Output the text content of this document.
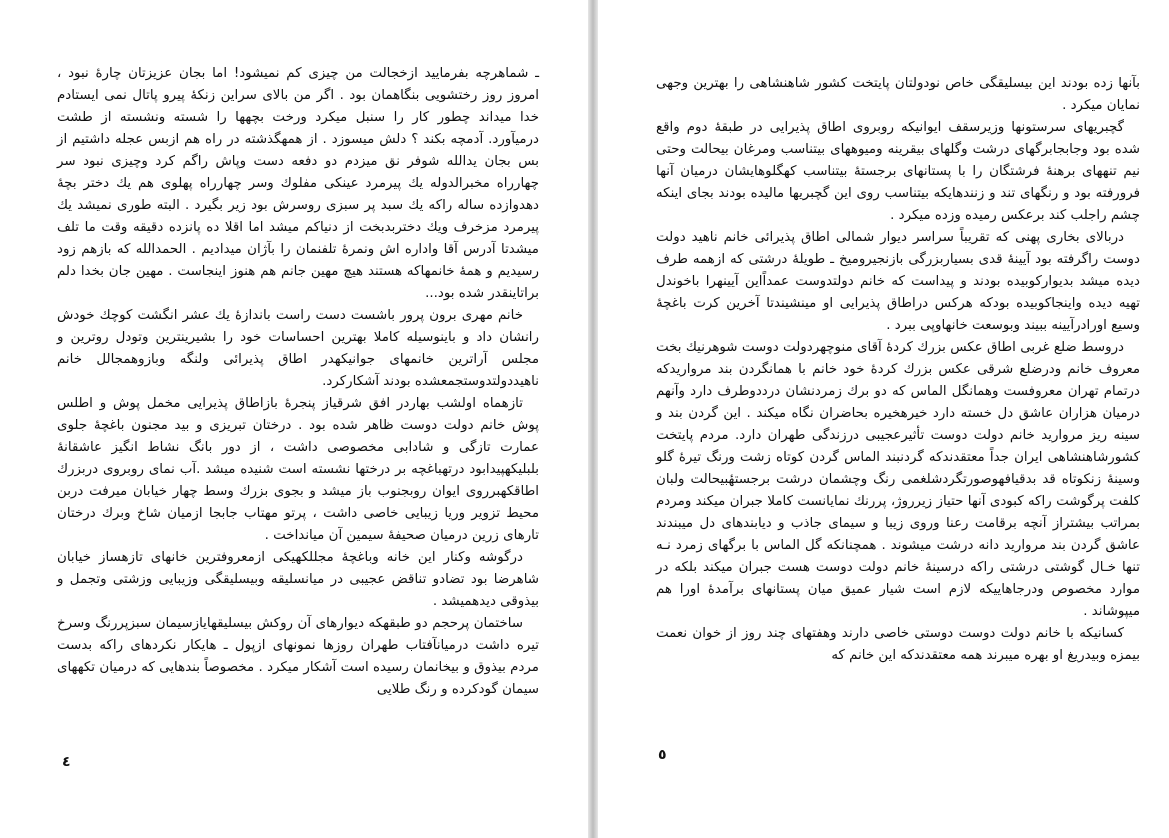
ـ شماهرچه بفرمایید ازخجالت من چیزی کم نمیشود! اما بجان عزیزتان چارهٔ نبود ، امروز روز رختشویی بنگاهمان بود . اگر من بالای سراین زنکهٔ پیرو پاتال نمی ایستادم خدا میداند چطور کار را سنبل میکرد ورخت بچهها را شسته ونشسته از طشت درمیآورد. آدمچه بکند ؟ دلش میسوزد . از همهگذشته در راه هم ازبس عجله داشتیم از بس بجان یدالله شوفر نق میزدم دو دفعه دست وپاش راگم کرد وچیزی نبود سر چهارراه مخبرالدوله یك پیرمرد عینکی مفلوك وسر چهارراه پهلوی هم یك دختر بچهٔ دهدوازده ساله راکه یك سبد پر سبزی روسرش بود زیر بگیرد . البته طوری نمیشد یك پیرمرد مزخرف ویك دختربدبخت از دنیاکم میشد اما اقلا ده پانزده دقیقه وقت ما تلف میشدتا آدرس آقا واداره اش ونمرهٔ تلفنمان را بآژان میدادیم . الحمدالله که بازهم زود رسیدیم و همهٔ خانمهاکه هستند هیچ مهین جانم هم هنوز اینجاست . مهین جان بخدا دلم براتاینقدر شده بود...

خانم مهری برون پرور باشست دست راست باندازهٔ یك عشر انگشت كوچك خودش رانشان داد و باینوسیله کاملا بهترین احساسات خود را بشیرینترین وتودل روترین و مجلس آراترین خانمهای جوانیکهدر اطاق پذیرائی ولنگه وبازوهمجالل خانم ناهیددولتدوستجمعشده بودند آشکارکرد.

تازهماه اولشب بهاردر افق شرقیاز پنجرهٔ بازاطاق پذیرایی مخمل پوش و اطلس پوش خانم دولت دوست ظاهر شده بود . درختان تبریزی و بید مجنون باغچهٔ جلوی عمارت تازگی و شادابی مخصوصی داشت ، از دور بانگ نشاط انگیز عاشقانهٔ بلبلیکهپیدابود درتهباغچه بر درختها نشسته است شنیده میشد .آب نمای روبروی دربزرك اطاقكهبرروی ایوان روبجنوب باز میشد و بجوی بزرك وسط چهار خیابان میرفت دربن محیط تزویر وریا زیبایی خاصی داشت ، پرتو مهتاب جابجا ازمیان شاخ وبرك درختان تارهای زرین درمیان صحیفهٔ سیمین آن میانداخت .

درگوشه وکنار این خانه وباغچهٔ مجللکهیکی ازمعروفترین خانهای تازهساز خیابان شاهرضا بود تضادو تناقض عجیبی در میانسلیقه وبیسلیقگی وزیبایی وزشتی وتجمل و بیذوقی دیدهمیشد .

ساختمان پرحجم دو طبقهکه دیوارهای آن روکش بیسلیقهایازسیمان سبزپررنگ وسرخ تیره داشت درمیانآفتاب طهران روزها نمونهای ازپول ـ هایکار نکردهای راکه بدست مردم بیذوق و بیخانمان رسیده است آشکار میکرد . مخصوصاً بندهایی که درمیان تکههای سیمان گودکرده و رنگ طلایی

٤

بآنها زده بودند این بیسلیقگی خاص نودولتان پایتخت کشور شاهنشاهی را بهترین وجهی نمایان میکرد .

گچبریهای سرستونها وزیرسقف ایوانیکه روبروی اطاق پذیرایی در طبقهٔ دوم واقع شده بود وجابجابرگهای درشت وگلهای بیقرینه ومیوههای بیتناسب ومرغان بیحالت وحتی نیم تنههای برهنهٔ فرشتگان را با پستانهای برجستهٔ بیتناسب کهگلوهایشان درمیان آنها فرورفته بود و رنگهای تند و زنندهایکه بیتناسب روی این گچبریها مالیده بودند بجای اینکه چشم راجلب کند برعکس رمیده وزده میکرد .

دربالای بخاری پهنی که تقریباً سراسر دیوار شمالی اطاق پذیرائی خانم ناهید دولت دوست راگرفته بود آیینهٔ قدی بسیاربزرگی بازنجیرومیخ ـ طویلهٔ درشتی که ازهمه طرف دیده میشد بدیوارکوبیده بودند و پیداست که خانم دولتدوست عمداًاین آیینهرا باخوندل تهیه دیده واینجاکوبیده بودکه هرکس دراطاق پذیرایی او مینشیندتا آخرین کرت باغچهٔ وسیع اورادرآیینه ببیند وبوسعت خانهاوپی ببرد .

دروسط ضلع غربی اطاق عکس بزرك کردهٔ آقای منوچهردولت دوست شوهرنیك بخت معروف خانم ودرضلع شرقی عکس بزرك کردهٔ خود خانم با همانگردن بند مرواریدکه درتمام تهران معروفست وهمانگل الماس که دو برك زمردنشان درددوطرف دارد وآنهم درمیان هزاران عاشق دل خسته دارد خیرهخیره بحاضران نگاه میکند . این گردن بند و سینه ریز مروارید خانم دولت دوست تأثیرعجیبی درزندگی طهران دارد. مردم پایتخت کشورشاهنشاهی ایران جداً معتقدندکه گردنبند الماس گردن کوتاه زشت ورنگ تیرهٔ گلو وسینهٔ زنکوتاه قد بدقیافهوصورتگردشلغمی رنگ وچشمان درشت برجستهٔبیحالت ولبان کلفت پرگوشت راکه کبودی آنها حتیاز زیرروژ، پررنك نمایانست کاملا جبران میکند ومردم بمراتب بیشتراز آنچه برقامت رعنا وروی زیبا و سیمای جاذب و دیابندهای دل میبندند عاشق گردن بند مروارید دانه درشت میشوند . همچنانکه گل الماس با برگهای زمرد نـه تنها خـال گوشتی درشتی راکه درسینهٔ خانم دولت دوست هست جبران میکند بلکه در موارد مخصوص ودرجاهاییکه لازم است شیار عمیق میان پستانهای برآمدهٔ اورا هم میپوشاند .

کسانیکه با خانم دولت دوست دوستی خاصی دارند وهفتهای چند روز از خوان نعمت بیمزه وبیدریغ او بهره میبرند همه معتقدندکه این خانم که

٥
